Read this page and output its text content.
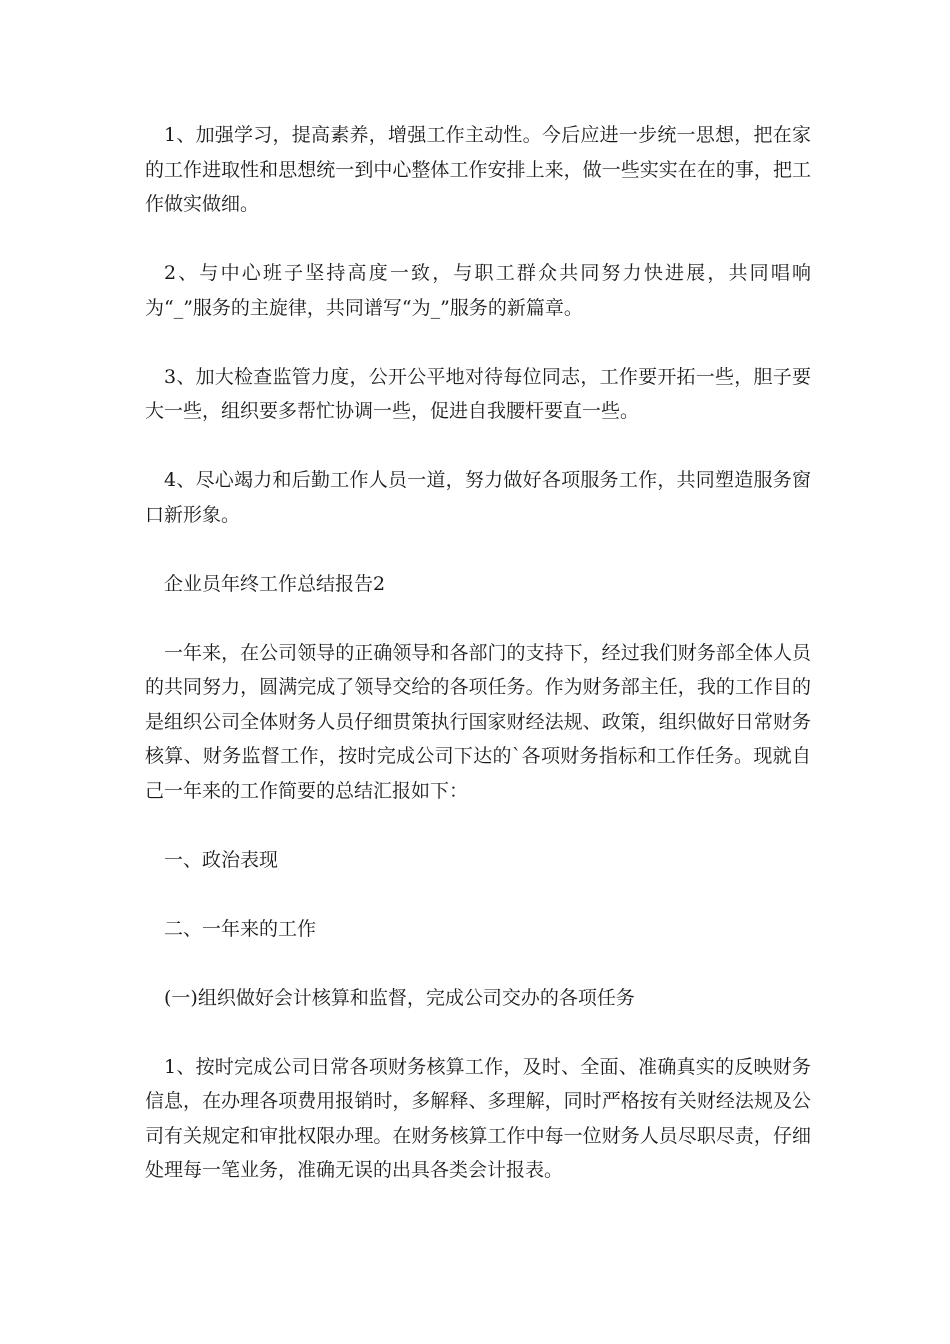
1、加强学习，提高素养，增强工作主动性。今后应进一步统一思想，把在家的工作进取性和思想统一到中心整体工作安排上来，做一些实实在在的事，把工作做实做细。

2、与中心班子坚持高度一致，与职工群众共同努力快进展，共同唱响为“_”服务的主旋律，共同谱写“为_”服务的新篇章。

3、加大检查监管力度，公开公平地对待每位同志，工作要开拓一些，胆子要大一些，组织要多帮忙协调一些，促进自我腰杆要直一些。

4、尽心竭力和后勤工作人员一道，努力做好各项服务工作，共同塑造服务窗口新形象。

企业员年终工作总结报告2

一年来，在公司领导的正确领导和各部门的支持下，经过我们财务部全体人员的共同努力，圆满完成了领导交给的各项任务。作为财务部主任，我的工作目的是组织公司全体财务人员仔细贯策执行国家财经法规、政策，组织做好日常财务核算、财务监督工作，按时完成公司下达的`各项财务指标和工作任务。现就自己一年来的工作简要的总结汇报如下：

一、政治表现

二、一年来的工作

(一)组织做好会计核算和监督，完成公司交办的各项任务

1、按时完成公司日常各项财务核算工作，及时、全面、准确真实的反映财务信息，在办理各项费用报销时，多解释、多理解，同时严格按有关财经法规及公司有关规定和审批权限办理。在财务核算工作中每一位财务人员尽职尽责，仔细处理每一笔业务，准确无误的出具各类会计报表。
